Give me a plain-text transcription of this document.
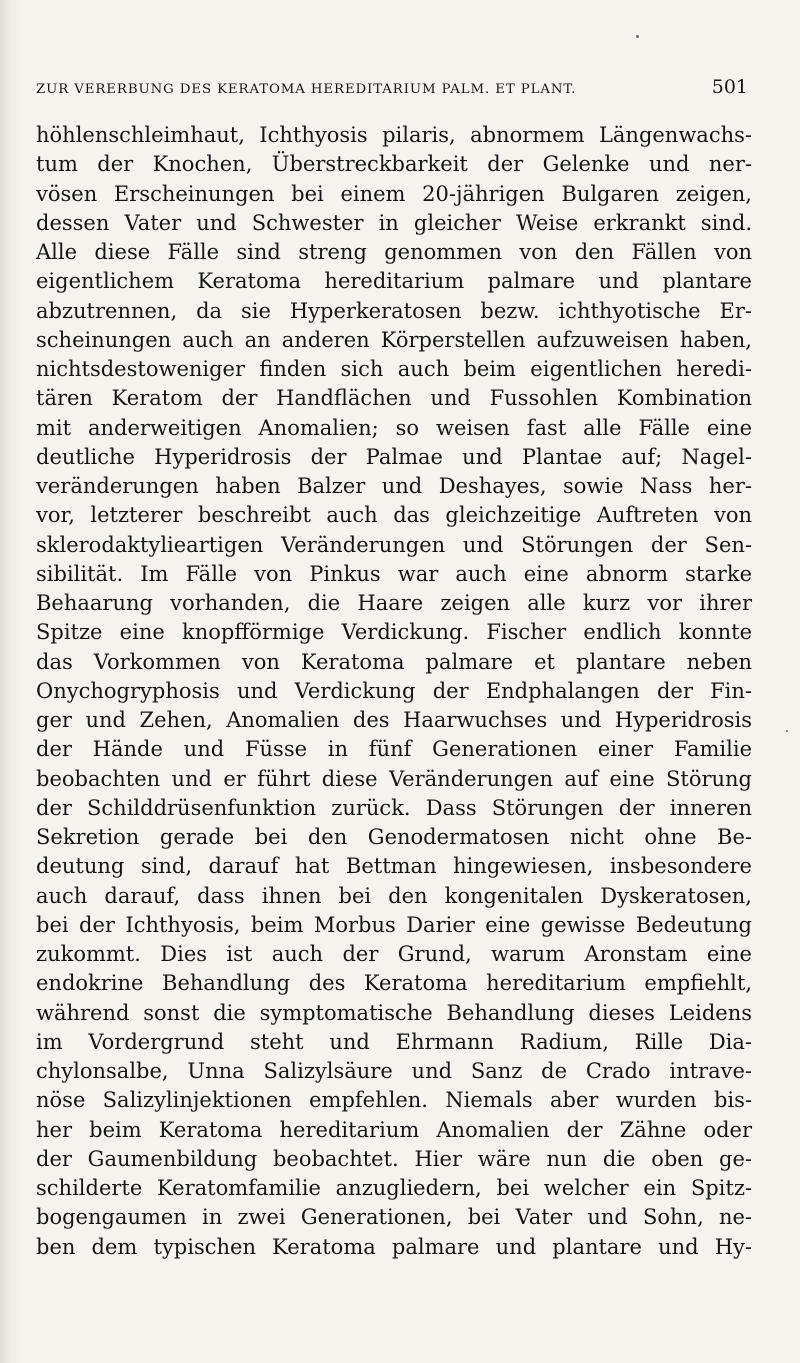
ZUR VERERBUNG DES KERATOMA HEREDITARIUM PALM. ET PLANT.	501
höhlenschleimhaut, Ichthyosis pilaris, abnormem Längenwachs-
tum der Knochen, Überstreckbarkeit der Gelenke und ner-
vösen Erscheinungen bei einem 20-jährigen Bulgaren zeigen,
dessen Vater und Schwester in gleicher Weise erkrankt sind.
Alle diese Fälle sind streng genommen von den Fällen von
eigentlichem Keratoma hereditarium palmare und plantare
abzutrennen, da sie Hyperkeratosen bezw. ichthyotische Er-
scheinungen auch an anderen Körperstellen aufzuweisen haben,
nichtsdestoweniger finden sich auch beim eigentlichen heredi-
tären Keratom der Handflächen und Fussohlen Kombination
mit anderweitigen Anomalien; so weisen fast alle Fälle eine
deutliche Hyperidrosis der Palmae und Plantae auf; Nagel-
veränderungen haben Balzer und Deshayes, sowie Nass her-
vor, letzterer beschreibt auch das gleichzeitige Auftreten von
sklerodaktylieartigen Veränderungen und Störungen der Sen-
sibilität. Im Fälle von Pinkus war auch eine abnorm starke
Behaarung vorhanden, die Haare zeigen alle kurz vor ihrer
Spitze eine knopfförmige Verdickung. Fischer endlich konnte
das Vorkommen von Keratoma palmare et plantare neben
Onychogryphosis und Verdickung der Endphalangen der Fin-
ger und Zehen, Anomalien des Haarwuchses und Hyperidrosis
der Hände und Füsse in fünf Generationen einer Familie
beobachten und er führt diese Veränderungen auf eine Störung
der Schilddrüsenfunktion zurück. Dass Störungen der inneren
Sekretion gerade bei den Genodermatosen nicht ohne Be-
deutung sind, darauf hat Bettman hingewiesen, insbesondere
auch darauf, dass ihnen bei den kongenitalen Dyskeratosen,
bei der Ichthyosis, beim Morbus Darier eine gewisse Bedeutung
zukommt. Dies ist auch der Grund, warum Aronstam eine
endokrine Behandlung des Keratoma hereditarium empfiehlt,
während sonst die symptomatische Behandlung dieses Leidens
im Vordergrund steht und Ehrmann Radium, Rille Dia-
chylonsalbe, Unna Salizylsäure und Sanz de Crado intrave-
nöse Salizylinjektionen empfehlen. Niemals aber wurden bis-
her beim Keratoma hereditarium Anomalien der Zähne oder
der Gaumenbildung beobachtet. Hier wäre nun die oben ge-
schilderte Keratomfamilie anzugliedern, bei welcher ein Spitz-
bogengaumen in zwei Generationen, bei Vater und Sohn, ne-
ben dem typischen Keratoma palmare und plantare und Hy-
